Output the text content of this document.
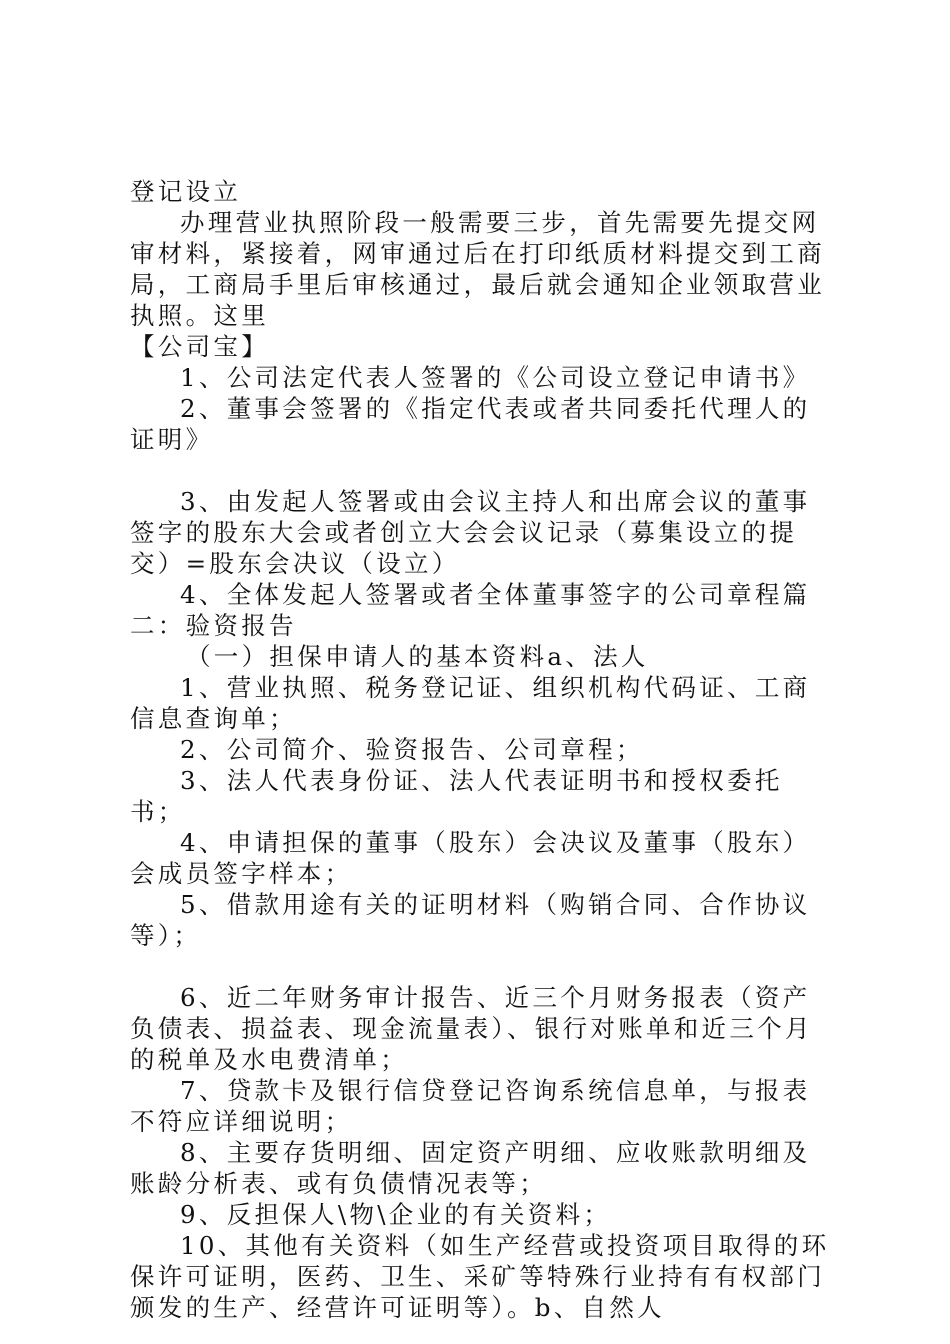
登记设立

办理营业执照阶段一般需要三步，首先需要先提交网审材料，紧接着，网审通过后在打印纸质材料提交到工商局，工商局手里后审核通过，最后就会通知企业领取营业执照。这里

【公司宝】

1、公司法定代表人签署的《公司设立登记申请书》

2、董事会签署的《指定代表或者共同委托代理人的证明》

3、由发起人签署或由会议主持人和出席会议的董事签字的股东大会或者创立大会会议记录（募集设立的提交）=股东会决议（设立）

4、全体发起人签署或者全体董事签字的公司章程篇二：验资报告

（一）担保申请人的基本资料a、法人

1、营业执照、税务登记证、组织机构代码证、工商信息查询单；

2、公司简介、验资报告、公司章程；

3、法人代表身份证、法人代表证明书和授权委托书；

4、申请担保的董事（股东）会决议及董事（股东）会成员签字样本；

5、借款用途有关的证明材料（购销合同、合作协议等）；

6、近二年财务审计报告、近三个月财务报表（资产负债表、损益表、现金流量表）、银行对账单和近三个月的税单及水电费清单；

7、贷款卡及银行信贷登记咨询系统信息单，与报表不符应详细说明；

8、主要存货明细、固定资产明细、应收账款明细及账龄分析表、或有负债情况表等；

9、反担保人\物\企业的有关资料；

10、其他有关资料（如生产经营或投资项目取得的环保许可证明，医药、卫生、采矿等特殊行业持有有权部门颁发的生产、经营许可证明等）。b、自然人
